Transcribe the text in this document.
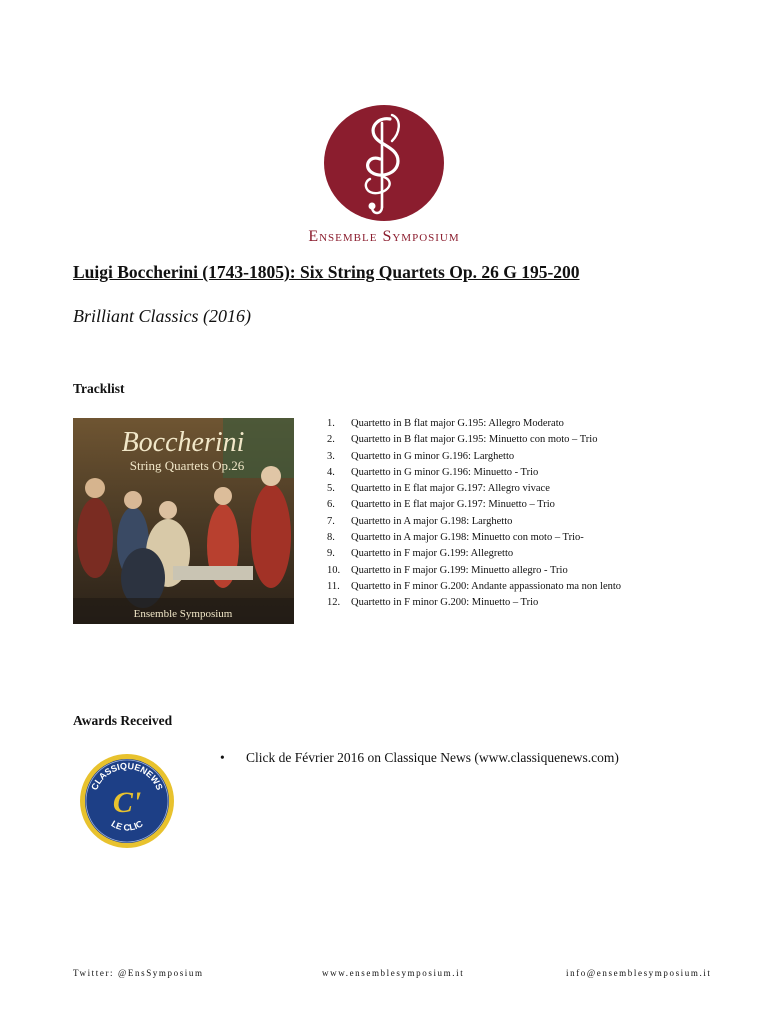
Ensemble Symposium
Luigi Boccherini (1743-1805): Six String Quartets Op. 26 G 195-200
Brilliant Classics (2016)
Tracklist
Boccherini
String Quartets Op.26
Ensemble Symposium
1.	Quartetto in B flat major G.195: Allegro Moderato
2.	Quartetto in B flat major G.195: Minuetto con moto – Trio
3.	Quartetto in G minor G.196: Larghetto
4.	Quartetto in G minor G.196: Minuetto - Trio
5.	Quartetto in E flat major G.197: Allegro vivace
6.	Quartetto in E flat major G.197: Minuetto – Trio
7.	Quartetto in A major G.198: Larghetto
8.	Quartetto in A major G.198: Minuetto con moto – Trio-
9.	Quartetto in F major G.199: Allegretto
10.	Quartetto in F major G.199: Minuetto allegro - Trio
11.	Quartetto in F minor G.200: Andante appassionato ma non lento
12.	Quartetto in F minor G.200: Minuetto – Trio
Awards Received
CLASSIQUENEWS
C'
LE CLIC
• Click de Février 2016 on Classique News (www.classiquenews.com)
Twitter: @EnsSymposium	www.ensemblesymposium.it	info@ensemblesymposium.it
